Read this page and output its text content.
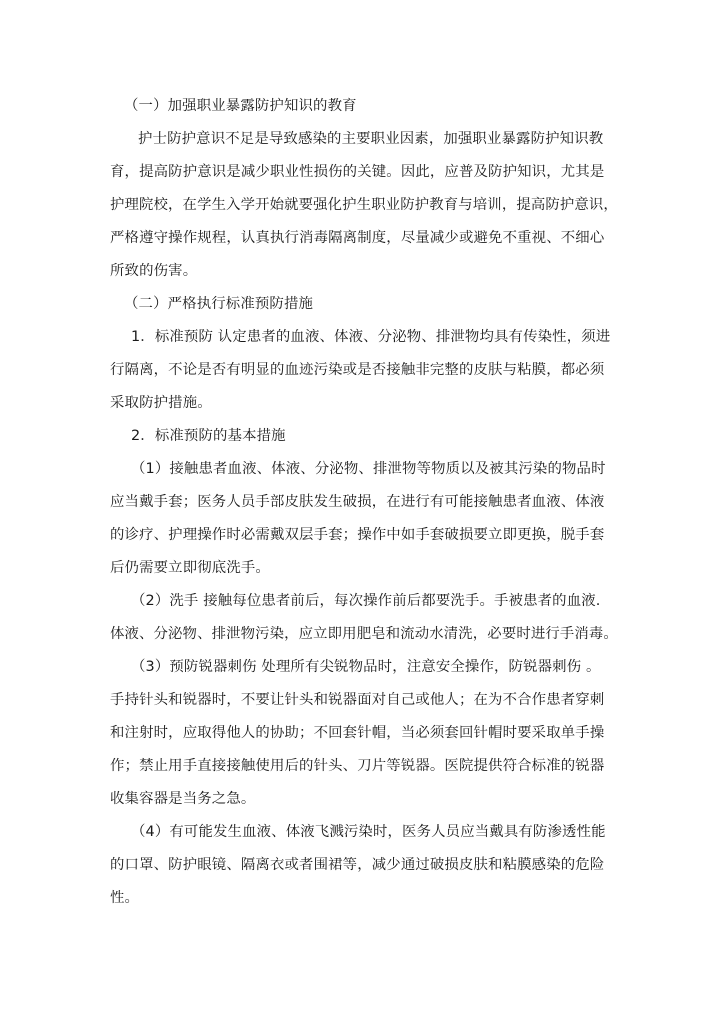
（一）加强职业暴露防护知识的教育
护士防护意识不足是导致感染的主要职业因素，加强职业暴露防护知识教
育，提高防护意识是减少职业性损伤的关键。因此，应普及防护知识，尤其是
护理院校，在学生入学开始就要强化护生职业防护教育与培训，提高防护意识，
严格遵守操作规程，认真执行消毒隔离制度，尽量减少或避免不重视、不细心
所致的伤害。
（二）严格执行标准预防措施
1．标准预防 认定患者的血液、体液、分泌物、排泄物均具有传染性，须进
行隔离，不论是否有明显的血迹污染或是否接触非完整的皮肤与粘膜，都必须
采取防护措施。
2．标准预防的基本措施
（1）接触患者血液、体液、分泌物、排泄物等物质以及被其污染的物品时
应当戴手套；医务人员手部皮肤发生破损，在进行有可能接触患者血液、体液
的诊疗、护理操作时必需戴双层手套；操作中如手套破损要立即更换，脱手套
后仍需要立即彻底洗手。
（2）洗手 接触每位患者前后，每次操作前后都要洗手。手被患者的血液.
体液、分泌物、排泄物污染，应立即用肥皂和流动水清洗，必要时进行手消毒。
（3）预防锐器刺伤 处理所有尖锐物品时，注意安全操作，防锐器刺伤 。
手持针头和锐器时，不要让针头和锐器面对自己或他人；在为不合作患者穿刺
和注射时，应取得他人的协助；不回套针帽，当必须套回针帽时要采取单手操
作；禁止用手直接接触使用后的针头、刀片等锐器。医院提供符合标准的锐器
收集容器是当务之急。
（4）有可能发生血液、体液飞溅污染时，医务人员应当戴具有防渗透性能
的口罩、防护眼镜、隔离衣或者围裙等，减少通过破损皮肤和粘膜感染的危险
性。
